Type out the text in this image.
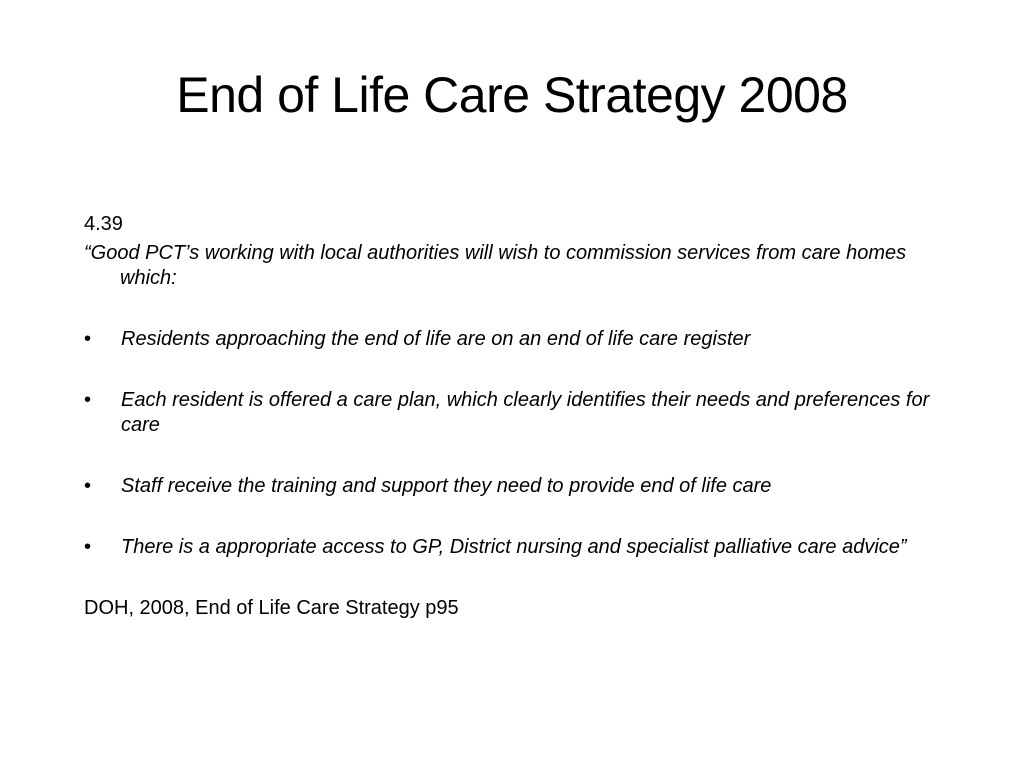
End of Life Care Strategy 2008

4.39

“Good PCT’s working with local authorities will wish to commission services from care homes which:

• Residents approaching the end of life are on an end of life care register
• Each resident is offered a care plan, which clearly identifies their needs and preferences for care
• Staff receive the training and support they need to provide end of life care
• There is a appropriate access to GP, District nursing and specialist palliative care advice”

DOH, 2008, End of Life Care Strategy p95
